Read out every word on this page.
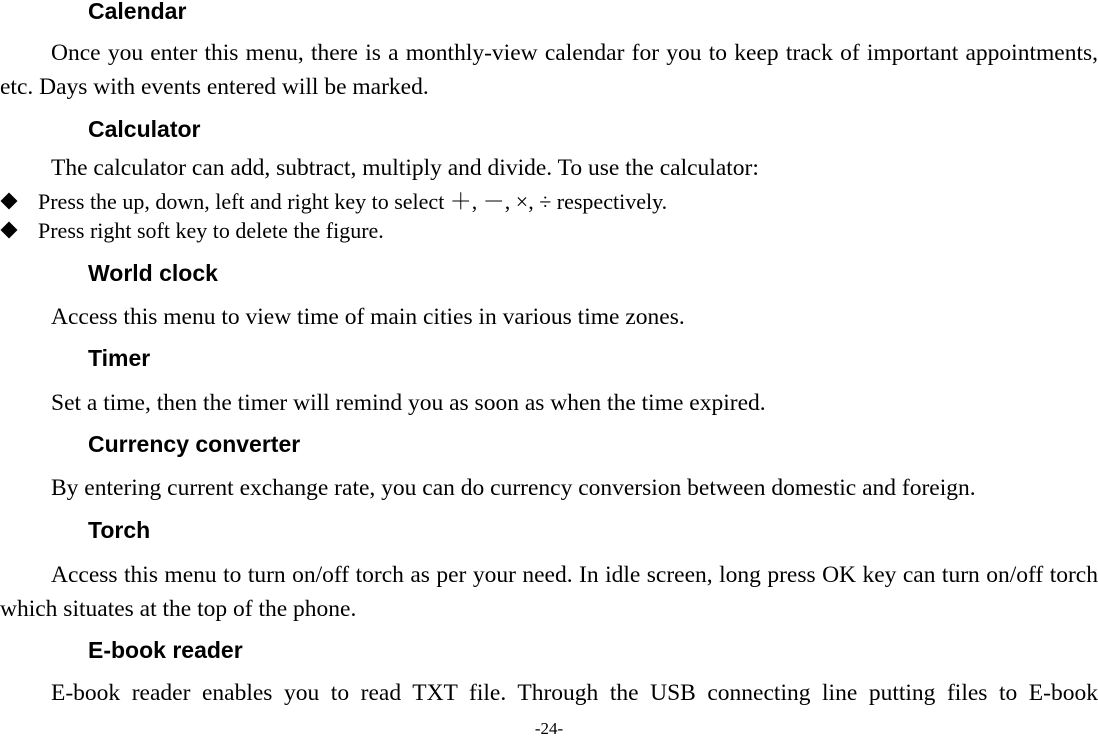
Calendar

Once you enter this menu, there is a monthly-view calendar for you to keep track of important appointments, etc. Days with events entered will be marked.

Calculator

The calculator can add, subtract, multiply and divide. To use the calculator:

Press the up, down, left and right key to select ＋, －, ×, ÷ respectively.
Press right soft key to delete the figure.
World clock

Access this menu to view time of main cities in various time zones.

Timer

Set a time, then the timer will remind you as soon as when the time expired.

Currency converter

By entering current exchange rate, you can do currency conversion between domestic and foreign.

Torch

Access this menu to turn on/off torch as per your need. In idle screen, long press OK key can turn on/off torch which situates at the top of the phone.

E-book reader

E-book reader enables you to read TXT file. Through the USB connecting line putting files to E-book

-24-
